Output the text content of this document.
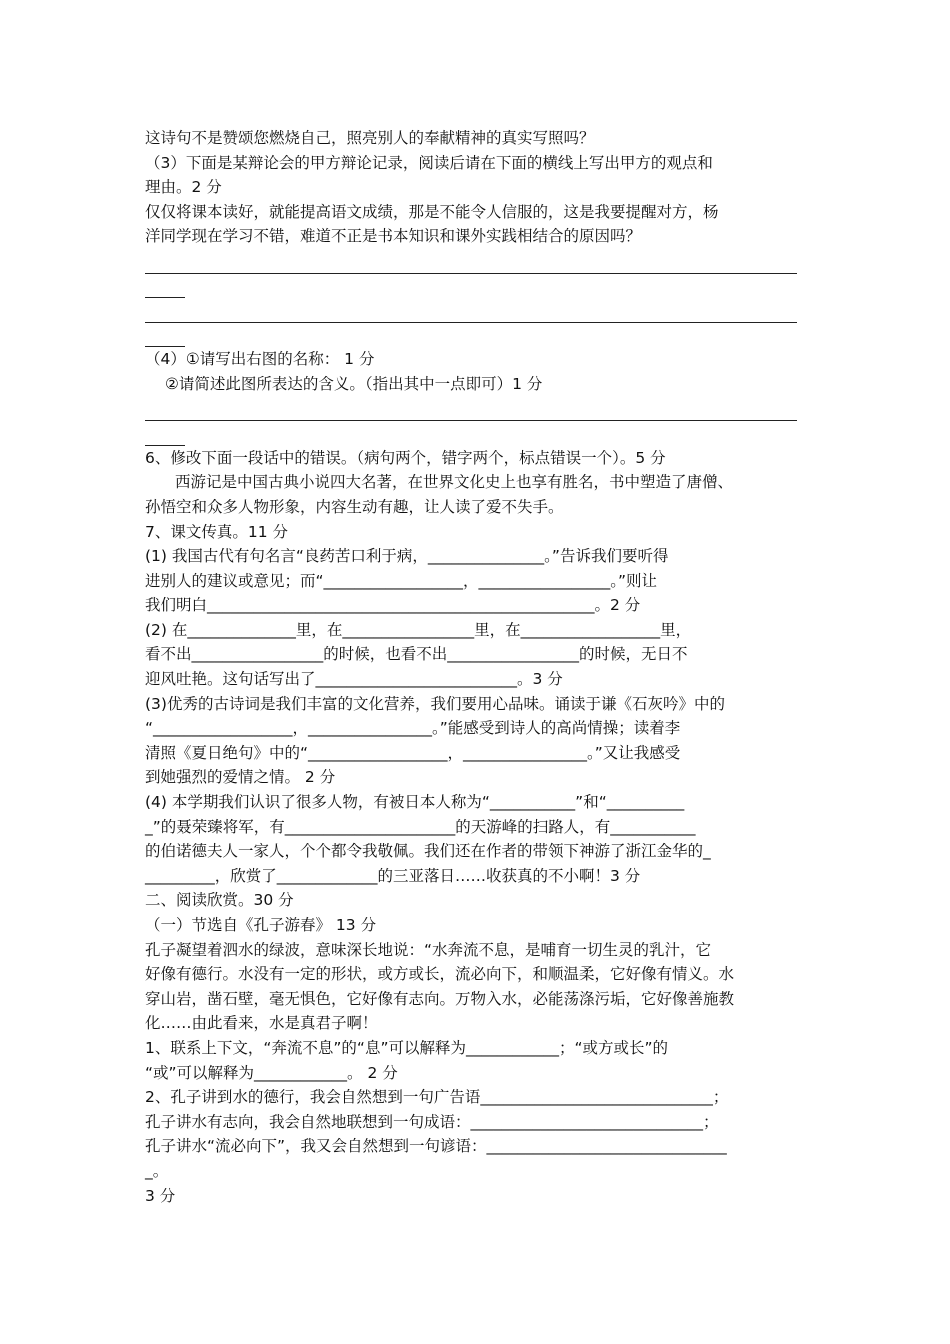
这诗句不是赞颂您燃烧自己，照亮别人的奉献精神的真实写照吗？
（3）下面是某辩论会的甲方辩论记录，阅读后请在下面的横线上写出甲方的观点和
理由。2 分
仅仅将课本读好，就能提高语文成绩，那是不能令人信服的，这是我要提醒对方，杨
洋同学现在学习不错，难道不正是书本知识和课外实践相结合的原因吗？
（4）①请写出右图的名称： 1 分
②请简述此图所表达的含义。（指出其中一点即可）1 分
6、修改下面一段话中的错误。（病句两个，错字两个，标点错误一个）。5 分
西游记是中国古典小说四大名著，在世界文化史上也享有胜名，书中塑造了唐僧、
孙悟空和众多人物形象，内容生动有趣，让人读了爱不失手。
7、课文传真。11 分
(1) 我国古代有句名言“良药苦口利于病，_______________。”告诉我们要听得
进别人的建议或意见；而“__________________，_________________。”则让
我们明白__________________________________________________。2 分
(2) 在______________里，在_________________里，在__________________里，
看不出_________________的时候，也看不出_________________的时候，无日不
迎风吐艳。这句话写出了__________________________。3 分
(3)优秀的古诗词是我们丰富的文化营养，我们要用心品味。诵读于谦《石灰吟》中的
“__________________，________________。”能感受到诗人的高尚情操；读着李
清照《夏日绝句》中的“__________________，________________。”又让我感受
到她强烈的爱情之情。 2 分
(4) 本学期我们认识了很多人物，有被日本人称为“___________”和“__________
_”的聂荣臻将军，有______________________的天游峰的扫路人，有___________
的伯诺德夫人一家人，个个都令我敬佩。我们还在作者的带领下神游了浙江金华的_
_________，欣赏了_____________的三亚落日……收获真的不小啊！3 分
二、阅读欣赏。30 分
（一）节选自《孔子游春》 13 分
孔子凝望着泗水的绿波，意味深长地说：“水奔流不息，是哺育一切生灵的乳汁，它
好像有德行。水没有一定的形状，或方或长，流必向下，和顺温柔，它好像有情义。水
穿山岩，凿石壁，毫无惧色，它好像有志向。万物入水，必能荡涤污垢，它好像善施教
化……由此看来，水是真君子啊！
1、联系上下文，“奔流不息”的“息”可以解释为____________；“或方或长”的
“或”可以解释为____________。 2 分
2、孔子讲到水的德行，我会自然想到一句广告语______________________________；
孔子讲水有志向，我会自然地联想到一句成语：______________________________；
孔子讲水“流必向下”，我又会自然想到一句谚语：_______________________________
_。
3 分
